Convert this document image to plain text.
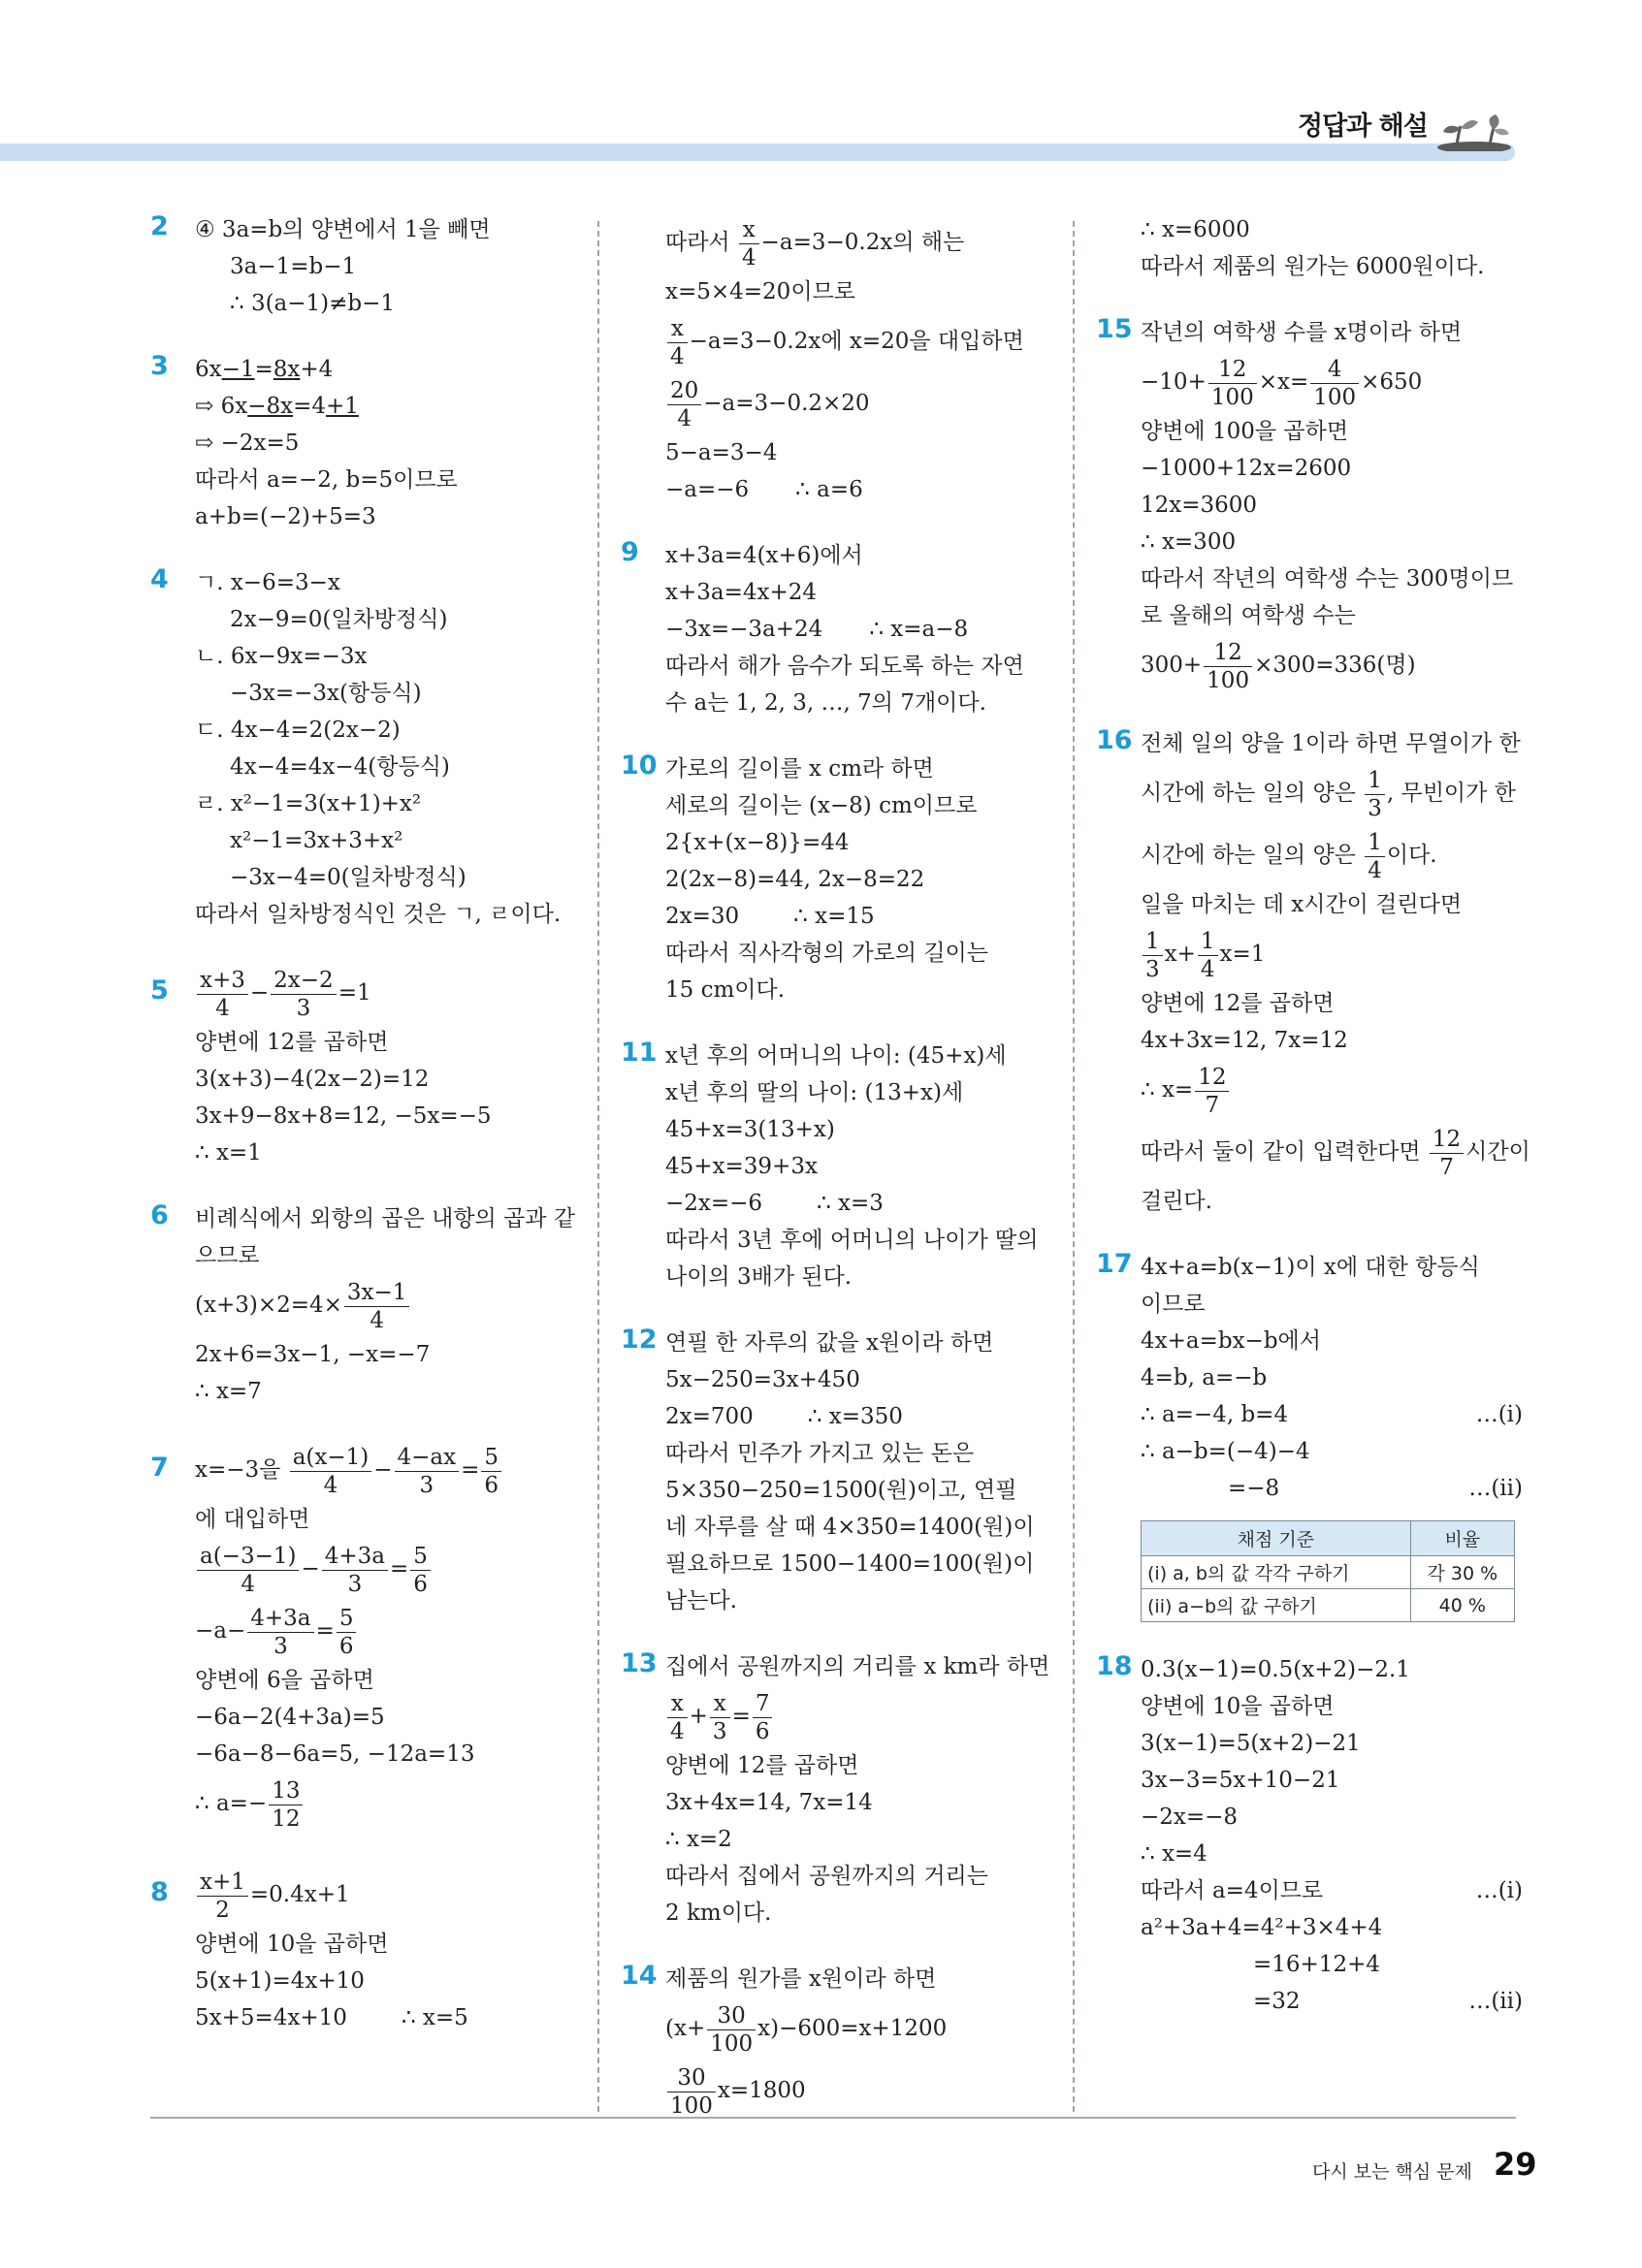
정답과 해설
2 ④ 3a=b의 양변에서 1을 빼면
3a−1=b−1
∴ 3(a−1)≠b−1
3 6x−1=8x+4
⇨ 6x−8x=4+1
⇨ −2x=5
따라서 a=−2, b=5이므로
a+b=(−2)+5=3
4 ㄱ. x−6=3−x
2x−9=0(일차방정식)
ㄴ. 6x−9x=−3x
−3x=−3x(항등식)
ㄷ. 4x−4=2(2x−2)
4x−4=4x−4(항등식)
ㄹ. x²−1=3(x+1)+x²
x²−1=3x+3+x²
−3x−4=0(일차방정식)
따라서 일차방정식인 것은 ㄱ, ㄹ이다.
$5 \frac{x+3}{4} - \frac{2x-2}{3} =1$
양변에 12를 곱하면
3(x+3)−4(2x−2)=12
3x+9−8x+8=12, −5x=−5
∴ x=1
6 비례식에서 외항의 곱은 내항의 곱과 같
으므로
$(x+3)\times 2=4\times \frac{3x-1}{4}$
2x+6=3x−1, −x=−7
∴ x=7
7 x=−3을 $\frac{a(x-1)}{4} - \frac{4-ax}{3} = \frac{5}{6}$
에 대입하면
$\frac{a(-3-1)}{4} - \frac{4+3a}{3} = \frac{5}{6}$
$-a- \frac{4+3a}{3} = \frac{5}{6}$
양변에 6을 곱하면
−6a−2(4+3a)=5
−6a−8−6a=5, −12a=13
∴ $a=- \frac{13}{12}$
$8 \frac{x+1}{2} =0.4x+1$
양변에 10을 곱하면
5(x+1)=4x+10
5x+5=4x+10 ∴ x=5
따라서 $\frac{x}{4} -a=3-0.2x$의 해는
x=5×4=20이므로
$\frac{x}{4} -a=3-0.2x$에 x=20을 대입하면
$\frac{20}{4} -a=3-0.2\times 20$
5−a=3−4
−a=−6 ∴ a=6
9 x+3a=4(x+6)에서
x+3a=4x+24
−3x=−3a+24 ∴ x=a−8
따라서 해가 음수가 되도록 하는 자연
수 a는 1, 2, 3, …, 7의 7개이다.
10 가로의 길이를 x cm라 하면
세로의 길이는 (x−8) cm이므로
2{x+(x−8)}=44
2(2x−8)=44, 2x−8=22
2x=30 ∴ x=15
따라서 직사각형의 가로의 길이는
15 cm이다.
11 x년 후의 어머니의 나이: (45+x)세
x년 후의 딸의 나이: (13+x)세
45+x=3(13+x)
45+x=39+3x
−2x=−6 ∴ x=3
따라서 3년 후에 어머니의 나이가 딸의
나이의 3배가 된다.
12 연필 한 자루의 값을 x원이라 하면
5x−250=3x+450
2x=700 ∴ x=350
따라서 민주가 가지고 있는 돈은
5×350−250=1500(원)이고, 연필
네 자루를 살 때 4×350=1400(원)이
필요하므로 1500−1400=100(원)이
남는다.
13 집에서 공원까지의 거리를 x km라 하면
$\frac{x}{4} + \frac{x}{3} = \frac{7}{6}$
양변에 12를 곱하면
3x+4x=14, 7x=14
∴ x=2
따라서 집에서 공원까지의 거리는
2 km이다.
14 제품의 원가를 x원이라 하면
$(x+ \frac{30}{100} x)-600=x+1200$
$\frac{30}{100} x=1800$
∴ x=6000
따라서 제품의 원가는 6000원이다.
15 작년의 여학생 수를 x명이라 하면
$-10+ \frac{12}{100} \times x= \frac{4}{100} \times 650$
양변에 100을 곱하면
−1000+12x=2600
12x=3600
∴ x=300
따라서 작년의 여학생 수는 300명이므
로 올해의 여학생 수는
$300+ \frac{12}{100} \times 300=336$(명)
16 전체 일의 양을 1이라 하면 무열이가 한
시간에 하는 일의 양은 $\frac{1}{3}$ , 무빈이가 한
시간에 하는 일의 양은 $\frac{1}{4}$ 이다.
일을 마치는 데 x시간이 걸린다면
$\frac{1}{3} x+ \frac{1}{4} x=1$
양변에 12를 곱하면
4x+3x=12, 7x=12
∴ $x= \frac{12}{7}$
따라서 둘이 같이 입력한다면 $\frac{12}{7}$ 시간이
걸린다.
17 4x+a=b(x−1)이 x에 대한 항등식
이므로
4x+a=bx−b에서
4=b, a=−b
∴ a=−4, b=4	…(i)
∴ a−b=(−4)−4
=−8	…(ii)
채점 기준	비율
(i) a, b의 값 각각 구하기	각 30 %
(ii) a−b의 값 구하기	40 %
18 0.3(x−1)=0.5(x+2)−2.1
양변에 10을 곱하면
3(x−1)=5(x+2)−21
3x−3=5x+10−21
−2x=−8
∴ x=4
따라서 a=4이므로	…(i)
a²+3a+4=4²+3×4+4
=16+12+4
=32	…(ii)
다시 보는 핵심 문제 29
